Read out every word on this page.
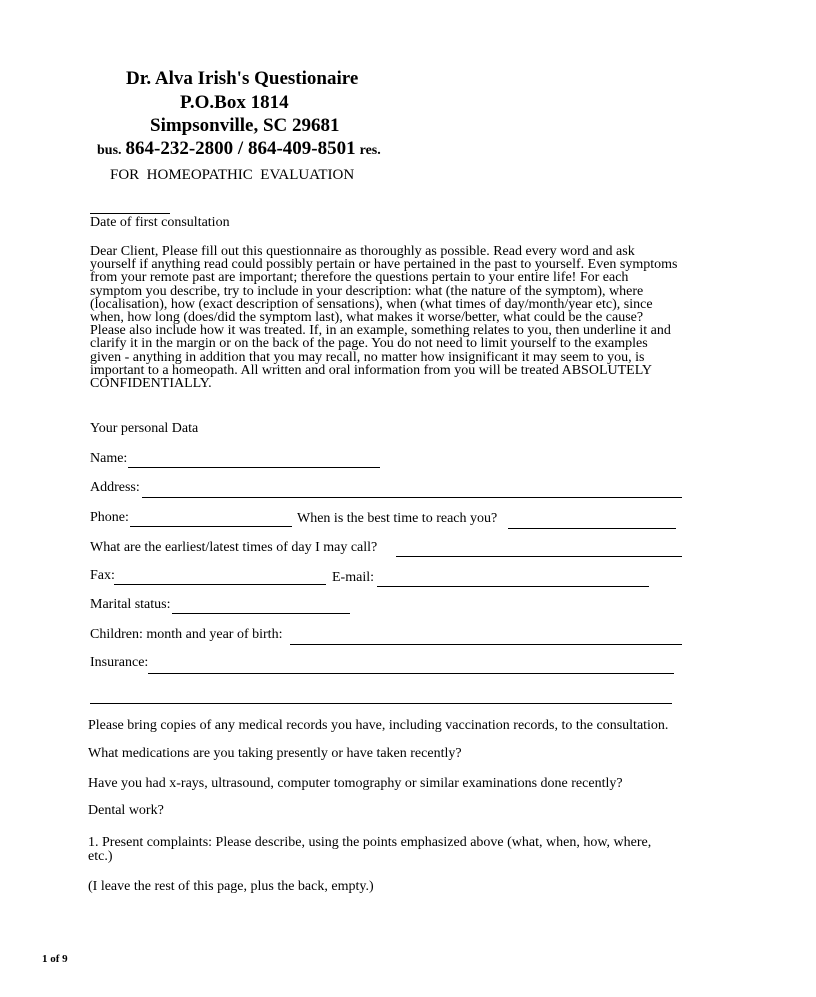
Dr. Alva Irish's Questionaire
P.O.Box 1814
Simpsonville, SC 29681
bus. 864-232-2800 / 864-409-8501 res.
FOR  HOMEOPATHIC  EVALUATION
Date of first consultation

Dear Client, Please fill out this questionnaire as thoroughly as possible. Read every word and ask

yourself if anything read could possibly pertain or have pertained in the past to yourself. Even symptoms

from your remote past are important; therefore the questions pertain to your entire life! For each

symptom you describe, try to include in your description: what (the nature of the symptom), where

(localisation), how (exact description of sensations), when (what times of day/month/year etc), since

when, how long (does/did the symptom last), what makes it worse/better, what could be the cause?

Please also include how it was treated. If, in an example, something relates to you, then underline it and

clarify it in the margin or on the back of the page. You do not need to limit yourself to the examples

given - anything in addition that you may recall, no matter how insignificant it may seem to you, is

important to a homeopath. All written and oral information from you will be treated ABSOLUTELY

CONFIDENTIALLY.

Your personal Data
Name:
Address:
Phone:	When is the best time to reach you?
What are the earliest/latest times of day I may call?
Fax:	E-mail:
Marital status:
Children: month and year of birth:
Insurance:
Please bring copies of any medical records you have, including vaccination records, to the consultation.
What medications are you taking presently or have taken recently?
Have you had x-rays, ultrasound, computer tomography or similar examinations done recently?
Dental work?
1. Present complaints: Please describe, using the points emphasized above (what, when, how, where,
etc.)
(I leave the rest of this page, plus the back, empty.)
1 of 9
